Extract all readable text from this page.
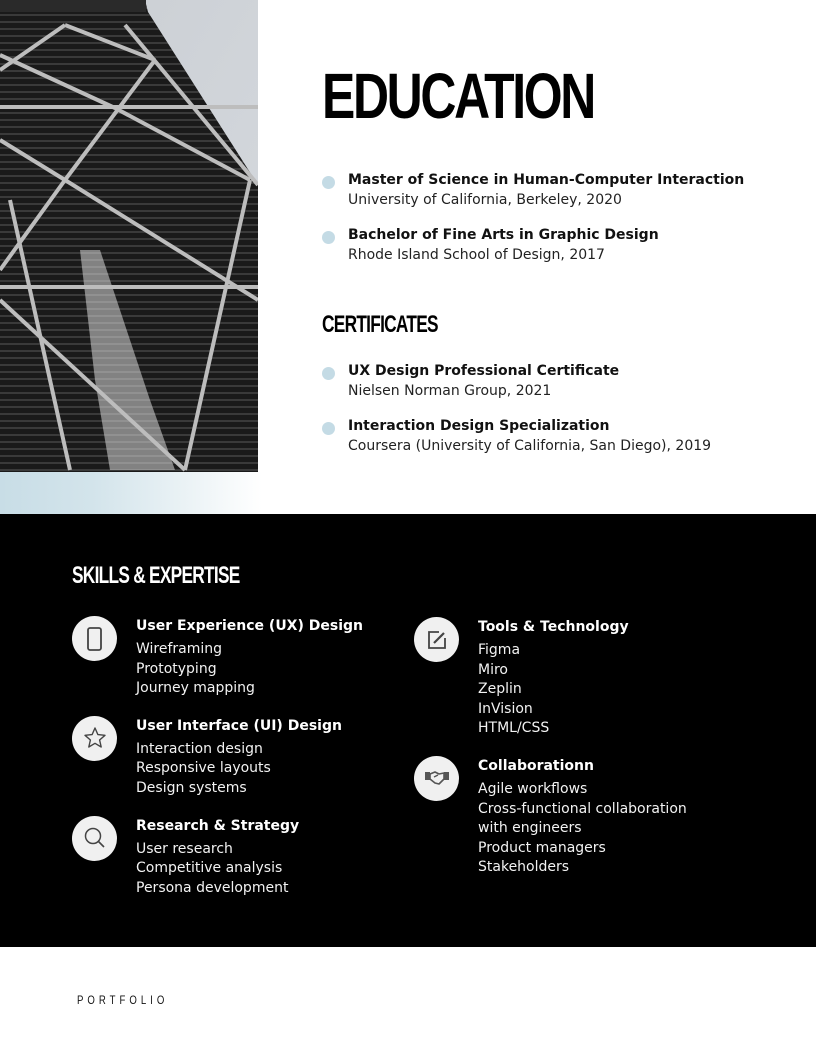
EDUCATION
Master of Science in Human-Computer Interaction
University of California, Berkeley, 2020
Bachelor of Fine Arts in Graphic Design
Rhode Island School of Design, 2017
CERTIFICATES
UX Design Professional Certificate
Nielsen Norman Group, 2021
Interaction Design Specialization
Coursera (University of California, San Diego), 2019
SKILLS & EXPERTISE
User Experience (UX) Design
Wireframing
Prototyping
Journey mapping
User Interface (UI) Design
Interaction design
Responsive layouts
Design systems
Research & Strategy
User research
Competitive analysis
Persona development
Tools & Technology
Figma
Miro
Zeplin
InVision
HTML/CSS
Collaborationn
Agile workflows
Cross-functional collaboration
with engineers
Product managers
Stakeholders
PORTFOLIO
